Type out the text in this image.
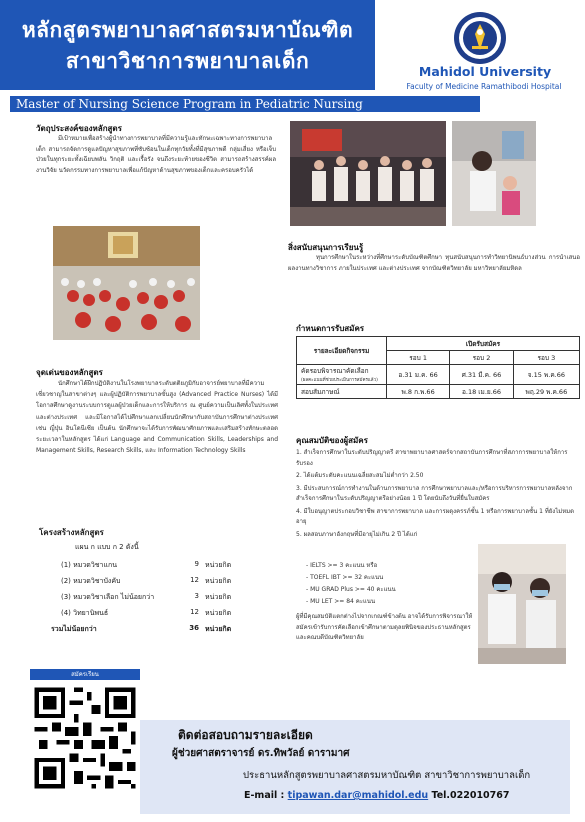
หลักสูตรพยาบาลศาสตรมหาบัณฑิต
สาขาวิชาการพยาบาลเด็ก	Mahidol University
Faculty of Medicine Ramathibodi Hospital
Master of Nursing Science Program in Pediatric Nursing
วัตถุประสงค์ของหลักสูตร
มีเป้าหมายเพื่อสร้างผู้นำทางการพยาบาลที่มีความรู้และทักษะเฉพาะทางการพยาบาลเด็ก สามารถจัดการดูแลปัญหาสุขภาพที่ซับซ้อนในเด็กทุกวัยทั้งที่มีสุขภาพดี กลุ่มเสี่ยง หรือเจ็บป่วยในทุกระยะทั้งเฉียบพลัน วิกฤติ และเรื้อรัง จนถึงระยะท้ายของชีวิต สามารถสร้างสรรค์ผลงานวิจัย นวัตกรรมทางการพยาบาลเพื่อแก้ปัญหาด้านสุขภาพของเด็กและครอบครัวได้
สิ่งสนับสนุนการเรียนรู้
ทุนการศึกษาในระหว่างที่ศึกษาระดับบัณฑิตศึกษา ทุนสนับสนุนการทำวิทยานิพนธ์บางส่วน การนำเสนอผลงานทางวิชาการ ภายในประเทศ และต่างประเทศ จากบัณฑิตวิทยาลัย มหาวิทยาลัยมหิดล
กำหนดการรับสมัคร
รายละเอียดกิจกรรม	เปิดรับสมัคร		
	รอบ 1	รอบ 2	รอบ 3
คัดรอบพิจารณาคัดเลือก
(ผลคะแนนที่ช่วยประเมินการสมัครแล้ว)	อ.31 ม.ค. 66	ศ.31 มี.ค. 66	จ.15 พ.ค.66
สอบสัมภาษณ์	พ.8 ก.พ.66	อ.18 เม.ย.66	พฤ.29 พ.ค.66
จุดเด่นของหลักสูตร
นักศึกษาได้ฝึกปฏิบัติงานในโรงพยาบาลระดับตติยภูมิกับอาจารย์พยาบาลที่มีความเชี่ยวชาญในสาขาต่างๆ และผู้ปฏิบัติการพยาบาลขั้นสูง (Advanced Practice Nurses) ได้มีโอกาสศึกษาดูงานระบบการดูแลผู้ป่วยเด็กและการให้บริการ ณ ศูนย์ความเป็นเลิศทั้งในประเทศและต่างประเทศ และมีโอกาสได้ไปศึกษาแลกเปลี่ยนนักศึกษากับสถาบันการศึกษาต่างประเทศ เช่น ญี่ปุ่น อินโดนีเซีย เป็นต้น นักศึกษาจะได้รับการพัฒนาศักยภาพและเสริมสร้างทักษะตลอดระยะเวลาในหลักสูตร ได้แก่ Language and Communication Skills, Leaderships and Management Skills, Research Skills, และ Information Technology Skills
คุณสมบัติของผู้สมัคร
1. สำเร็จการศึกษาในระดับปริญญาตรี สาขาพยาบาลศาสตร์จากสถาบันการศึกษาที่สภาการพยาบาลให้การรับรอง
2. ได้แต้มระดับคะแนนเฉลี่ยสะสมไม่ต่ำกว่า 2.50
3. มีประสบการณ์การทำงานในด้านการพยาบาล การศึกษาพยาบาลและ/หรือการบริหารการพยาบาลหลังจากสำเร็จการศึกษาในระดับปริญญาตรีอย่างน้อย 1 ปี โดยนับถึงวันที่ยื่นใบสมัคร
4. มีใบอนุญาตประกอบวิชาชีพ สาขาการพยาบาล และการผดุงครรภ์ชั้น 1 หรือการพยาบาลชั้น 1 ที่ยังไม่หมดอายุ
5. ผลสอบภาษาอังกฤษที่มีอายุไม่เกิน 2 ปี ได้แก่
- IELTS >= 3 คะแนน หรือ
- TOEFL IBT >= 32 คะแนน
- MU GRAD Plus >= 40 คะแนน
- MU LET >= 84 คะแนน
ผู้ที่มีคุณสมบัติแตกต่างไปจากเกณฑ์ข้างต้น อาจได้รับการพิจารณาให้สมัครเข้ารับการคัดเลือกเข้าศึกษาตามดุลยพินิจของประธานหลักสูตรและคณบดีบัณฑิตวิทยาลัย
โครงสร้างหลักสูตร
แผน ก แบบ ก 2 ดังนี้
(1) หมวดวิชาแกน	9 หน่วยกิต
(2) หมวดวิชาบังคับ	12 หน่วยกิต
(3) หมวดวิชาเลือก ไม่น้อยกว่า	3 หน่วยกิต
(4) วิทยานิพนธ์	12 หน่วยกิต
รวมไม่น้อยกว่า	36 หน่วยกิต
สมัครเรียน
ติดต่อสอบถามรายละเอียด
ผู้ช่วยศาสตราจารย์ ดร.ทิพวัลย์ ดารามาศ
ประธานหลักสูตรพยาบาลศาสตรมหาบัณฑิต สาขาวิชาการพยาบาลเด็ก
E-mail : tipawan.dar@mahidol.edu Tel.022010767
